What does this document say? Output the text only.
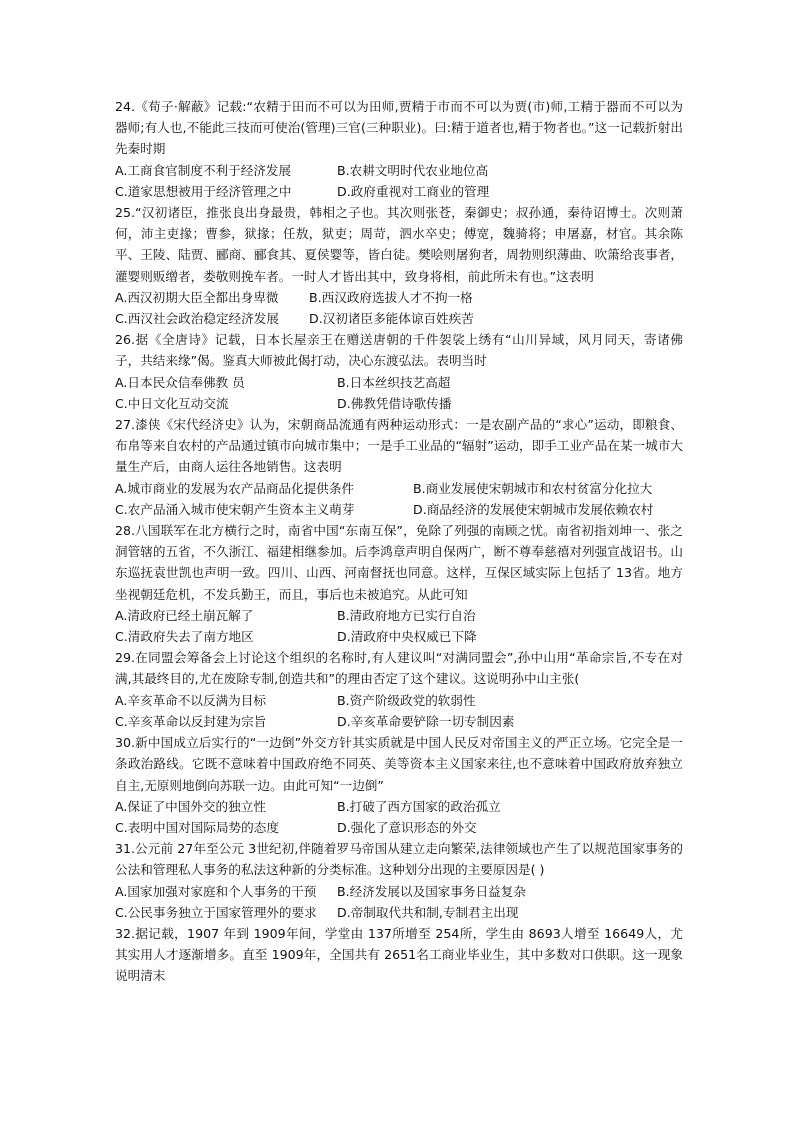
24.《荀子·解蔽》记载:“农精于田而不可以为田师,贾精于市而不可以为贾(市)师,工精于器而不可以为器师;有人也,不能此三技而可使治(管理)三官(三种职业)。曰:精于道者也,精于物者也。”这一记载折射出先秦时期

A.工商食官制度不利于经济发展	B.农耕文明时代农业地位高
C.道家思想被用于经济管理之中	D.政府重视对工商业的管理

25.“汉初诸臣，推张良出身最贵，韩相之子也。其次则张苍，秦御史；叔孙通，秦待诏博士。次则萧何，沛主吏掾；曹参，狱掾；任敖，狱吏；周苛，泗水卒史；傅宽，魏骑将；申屠嘉，材官。其余陈平、王陵、陆贾、郦商、郦食其、夏侯婴等，皆白徒。樊哙则屠狗者，周勃则织薄曲、吹箫给丧事者，灌婴则贩缯者，娄敬则挽车者。一时人才皆出其中，致身将相，前此所未有也。”这表明

A.西汉初期大臣全都出身卑微	B.西汉政府选拔人才不拘一格
C.西汉社会政治稳定经济发展	D.汉初诸臣多能体谅百姓疾苦

26.据《全唐诗》记载，日本长屋亲王在赠送唐朝的千件袈裟上绣有“山川异域，风月同天，寄诸佛子，共结来缘”偈。鉴真大师被此偈打动，决心东渡弘法。表明当时

A.日本民众信奉佛教 员	B.日本丝织技艺高超
C.中日文化互动交流	D.佛教凭借诗歌传播

27.漆侠《宋代经济史》认为，宋朝商品流通有两种运动形式：一是农副产品的“求心”运动，即粮食、布帛等来自农村的产品通过镇市向城市集中；一是手工业品的“辐射”运动，即手工业产品在某一城市大量生产后，由商人运往各地销售。这表明

A.城市商业的发展为农产品商品化提供条件	B.商业发展使宋朝城市和农村贫富分化拉大
C.农产品涌入城市使宋朝产生资本主义萌芽	D.商品经济的发展使宋朝城市发展依赖农村

28.八国联军在北方横行之时，南省中国“东南互保”，免除了列强的南顾之忧。南省初指刘坤一、张之洞管辖的五省，不久浙江、福建相继参加。后李鸿章声明自保两广，断不尊奉慈禧对列强宣战诏书。山东巡抚袁世凯也声明一致。四川、山西、河南督抚也同意。这样，互保区域实际上包括了 13省。地方坐视朝廷危机，不发兵勤王，而且，事后也未被追究。从此可知

A.清政府已经土崩瓦解了	B.清政府地方已实行自治
C.清政府失去了南方地区	D.清政府中央权威已下降

29.在同盟会筹备会上讨论这个组织的名称时,有人建议叫“对满同盟会”,孙中山用“革命宗旨,不专在对满,其最终目的,尤在废除专制,创造共和”的理由否定了这个建议。这说明孙中山主张(

A.辛亥革命不以反满为目标	B.资产阶级政党的软弱性
C.辛亥革命以反封建为宗旨	D.辛亥革命要铲除一切专制因素

30.新中国成立后实行的“一边倒”外交方针其实质就是中国人民反对帝国主义的严正立场。它完全是一条政治路线。它既不意味着中国政府绝不同英、美等资本主义国家来往,也不意味着中国政府放弃独立自主,无原则地倒向苏联一边。由此可知“一边倒”

A.保证了中国外交的独立性	B.打破了西方国家的政治孤立
C.表明中国对国际局势的态度	D.强化了意识形态的外交

31.公元前 27年至公元 3世纪初,伴随着罗马帝国从建立走向繁荣,法律领域也产生了以规范国家事务的公法和管理私人事务的私法这种新的分类标准。这种划分出现的主要原因是( )

A.国家加强对家庭和个人事务的干预	B.经济发展以及国家事务日益复杂
C.公民事务独立于国家管理外的要求	D.帝制取代共和制,专制君主出现

32.据记载，1907 年到 1909年间，学堂由 137所增至 254所，学生由 8693人增至 16649人，尤其实用人才逐渐增多。直至 1909年，全国共有 2651名工商业毕业生，其中多数对口供职。这一现象说明清末
